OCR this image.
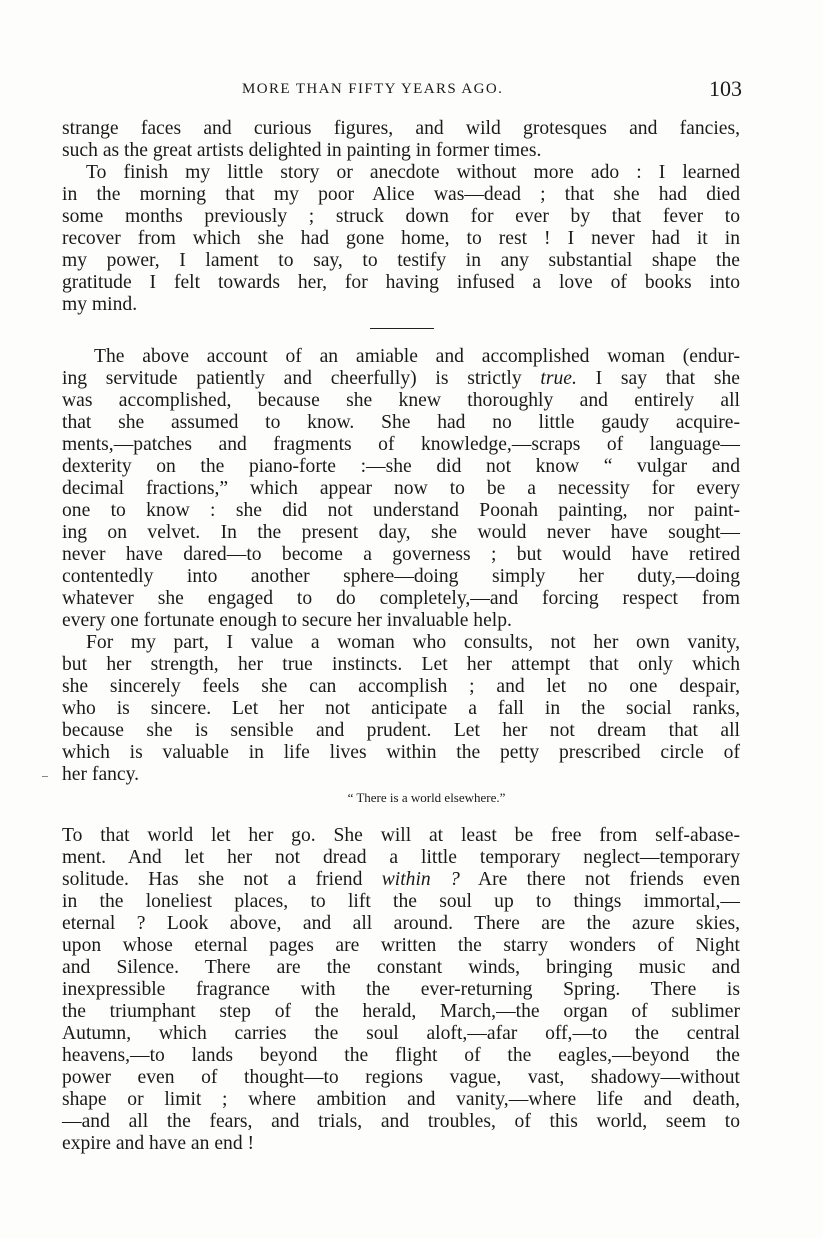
MORE THAN FIFTY YEARS AGO.	103
strange faces and curious figures, and wild grotesques and fancies,
such as the great artists delighted in painting in former times.
To finish my little story or anecdote without more ado : I learned
in the morning that my poor Alice was—dead ; that she had died
some months previously ; struck down for ever by that fever to
recover from which she had gone home, to rest ! I never had it in
my power, I lament to say, to testify in any substantial shape the
gratitude I felt towards her, for having infused a love of books into
my mind.
The above account of an amiable and accomplished woman (endur-
ing servitude patiently and cheerfully) is strictly true. I say that she
was accomplished, because she knew thoroughly and entirely all
that she assumed to know. She had no little gaudy acquire-
ments,—patches and fragments of knowledge,—scraps of language—
dexterity on the piano-forte :—she did not know “ vulgar and
decimal fractions,” which appear now to be a necessity for every
one to know : she did not understand Poonah painting, nor paint-
ing on velvet. In the present day, she would never have sought—
never have dared—to become a governess ; but would have retired
contentedly into another sphere—doing simply her duty,—doing
whatever she engaged to do completely,—and forcing respect from
every one fortunate enough to secure her invaluable help.
For my part, I value a woman who consults, not her own vanity,
but her strength, her true instincts. Let her attempt that only which
she sincerely feels she can accomplish ; and let no one despair,
who is sincere. Let her not anticipate a fall in the social ranks,
because she is sensible and prudent. Let her not dream that all
which is valuable in life lives within the petty prescribed circle of
her fancy.
“ There is a world elsewhere.”
To that world let her go. She will at least be free from self-abase-
ment. And let her not dread a little temporary neglect—temporary
solitude. Has she not a friend within ? Are there not friends even
in the loneliest places, to lift the soul up to things immortal,—
eternal ? Look above, and all around. There are the azure skies,
upon whose eternal pages are written the starry wonders of Night
and Silence. There are the constant winds, bringing music and
inexpressible fragrance with the ever-returning Spring. There is
the triumphant step of the herald, March,—the organ of sublimer
Autumn, which carries the soul aloft,—afar off,—to the central
heavens,—to lands beyond the flight of the eagles,—beyond the
power even of thought—to regions vague, vast, shadowy—without
shape or limit ; where ambition and vanity,—where life and death,
—and all the fears, and trials, and troubles, of this world, seem to
expire and have an end !
